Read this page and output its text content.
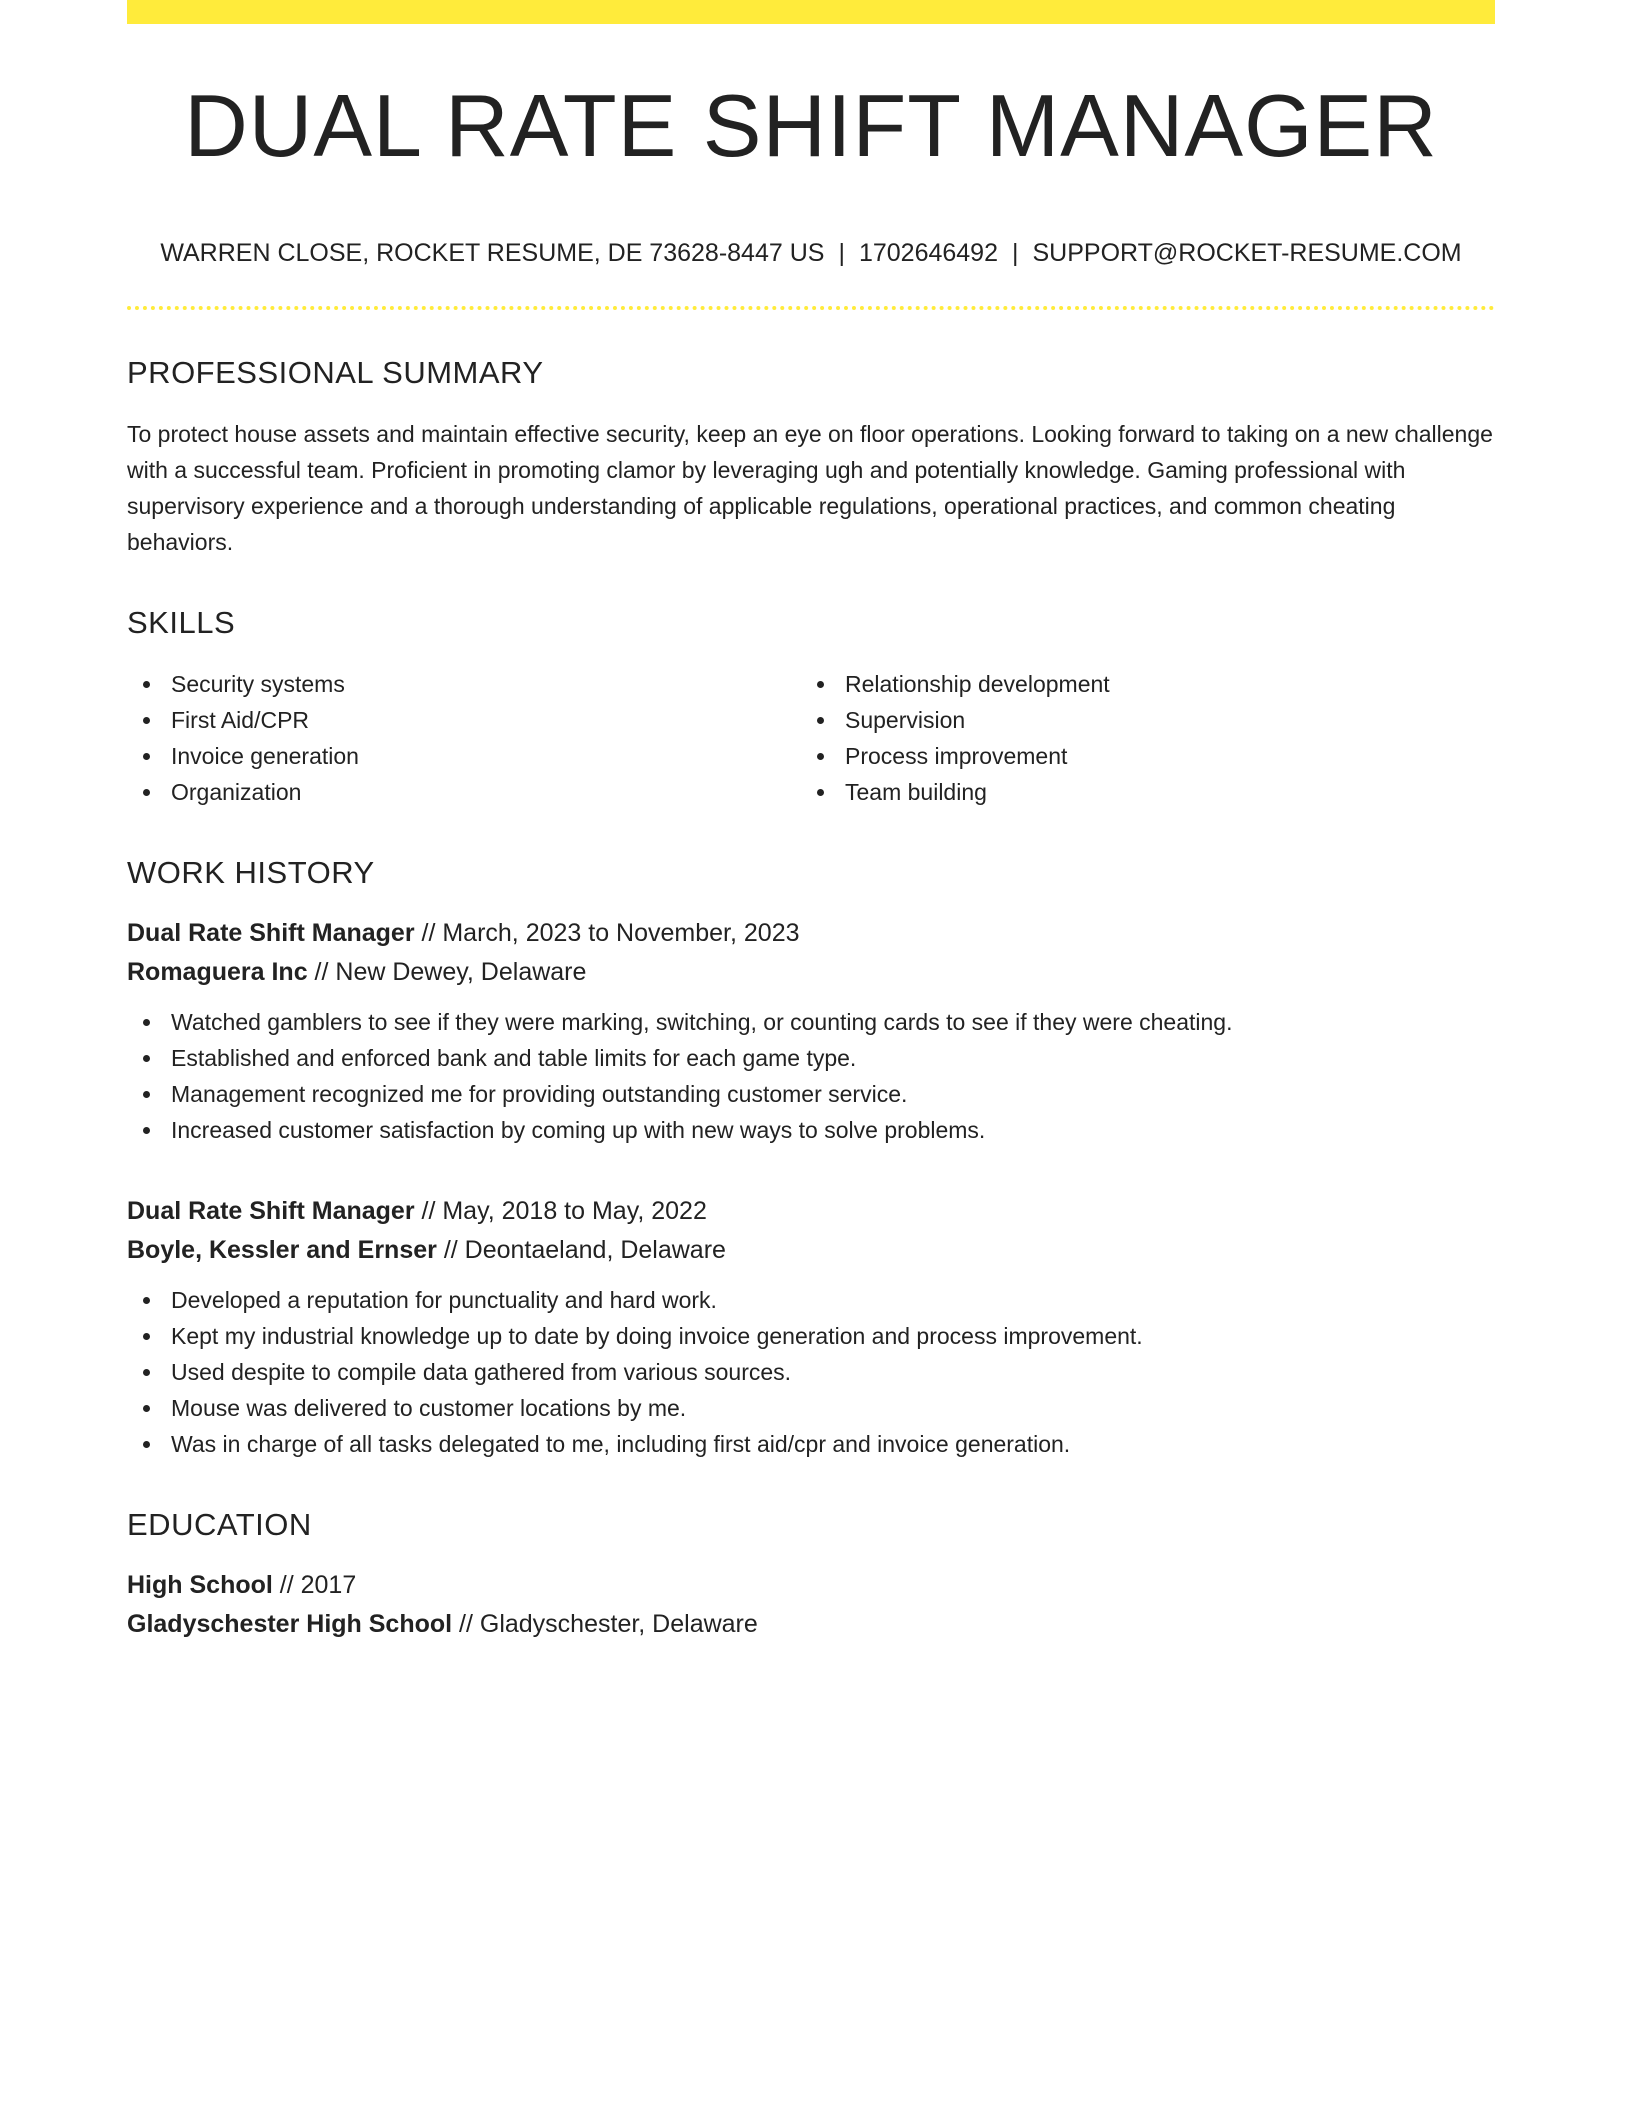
DUAL RATE SHIFT MANAGER
WARREN CLOSE, ROCKET RESUME, DE 73628-8447 US | 1702646492 | SUPPORT@ROCKET-RESUME.COM
PROFESSIONAL SUMMARY

To protect house assets and maintain effective security, keep an eye on floor operations. Looking forward to taking on a new challenge with a successful team. Proficient in promoting clamor by leveraging ugh and potentially knowledge. Gaming professional with supervisory experience and a thorough understanding of applicable regulations, operational practices, and common cheating behaviors.

SKILLS
Security systems
First Aid/CPR
Invoice generation
Organization
Relationship development
Supervision
Process improvement
Team building
WORK HISTORY
Dual Rate Shift Manager // March, 2023 to November, 2023
Romaguera Inc // New Dewey, Delaware
Watched gamblers to see if they were marking, switching, or counting cards to see if they were cheating.
Established and enforced bank and table limits for each game type.
Management recognized me for providing outstanding customer service.
Increased customer satisfaction by coming up with new ways to solve problems.
Dual Rate Shift Manager // May, 2018 to May, 2022
Boyle, Kessler and Ernser // Deontaeland, Delaware
Developed a reputation for punctuality and hard work.
Kept my industrial knowledge up to date by doing invoice generation and process improvement.
Used despite to compile data gathered from various sources.
Mouse was delivered to customer locations by me.
Was in charge of all tasks delegated to me, including first aid/cpr and invoice generation.
EDUCATION
High School // 2017
Gladyschester High School // Gladyschester, Delaware
